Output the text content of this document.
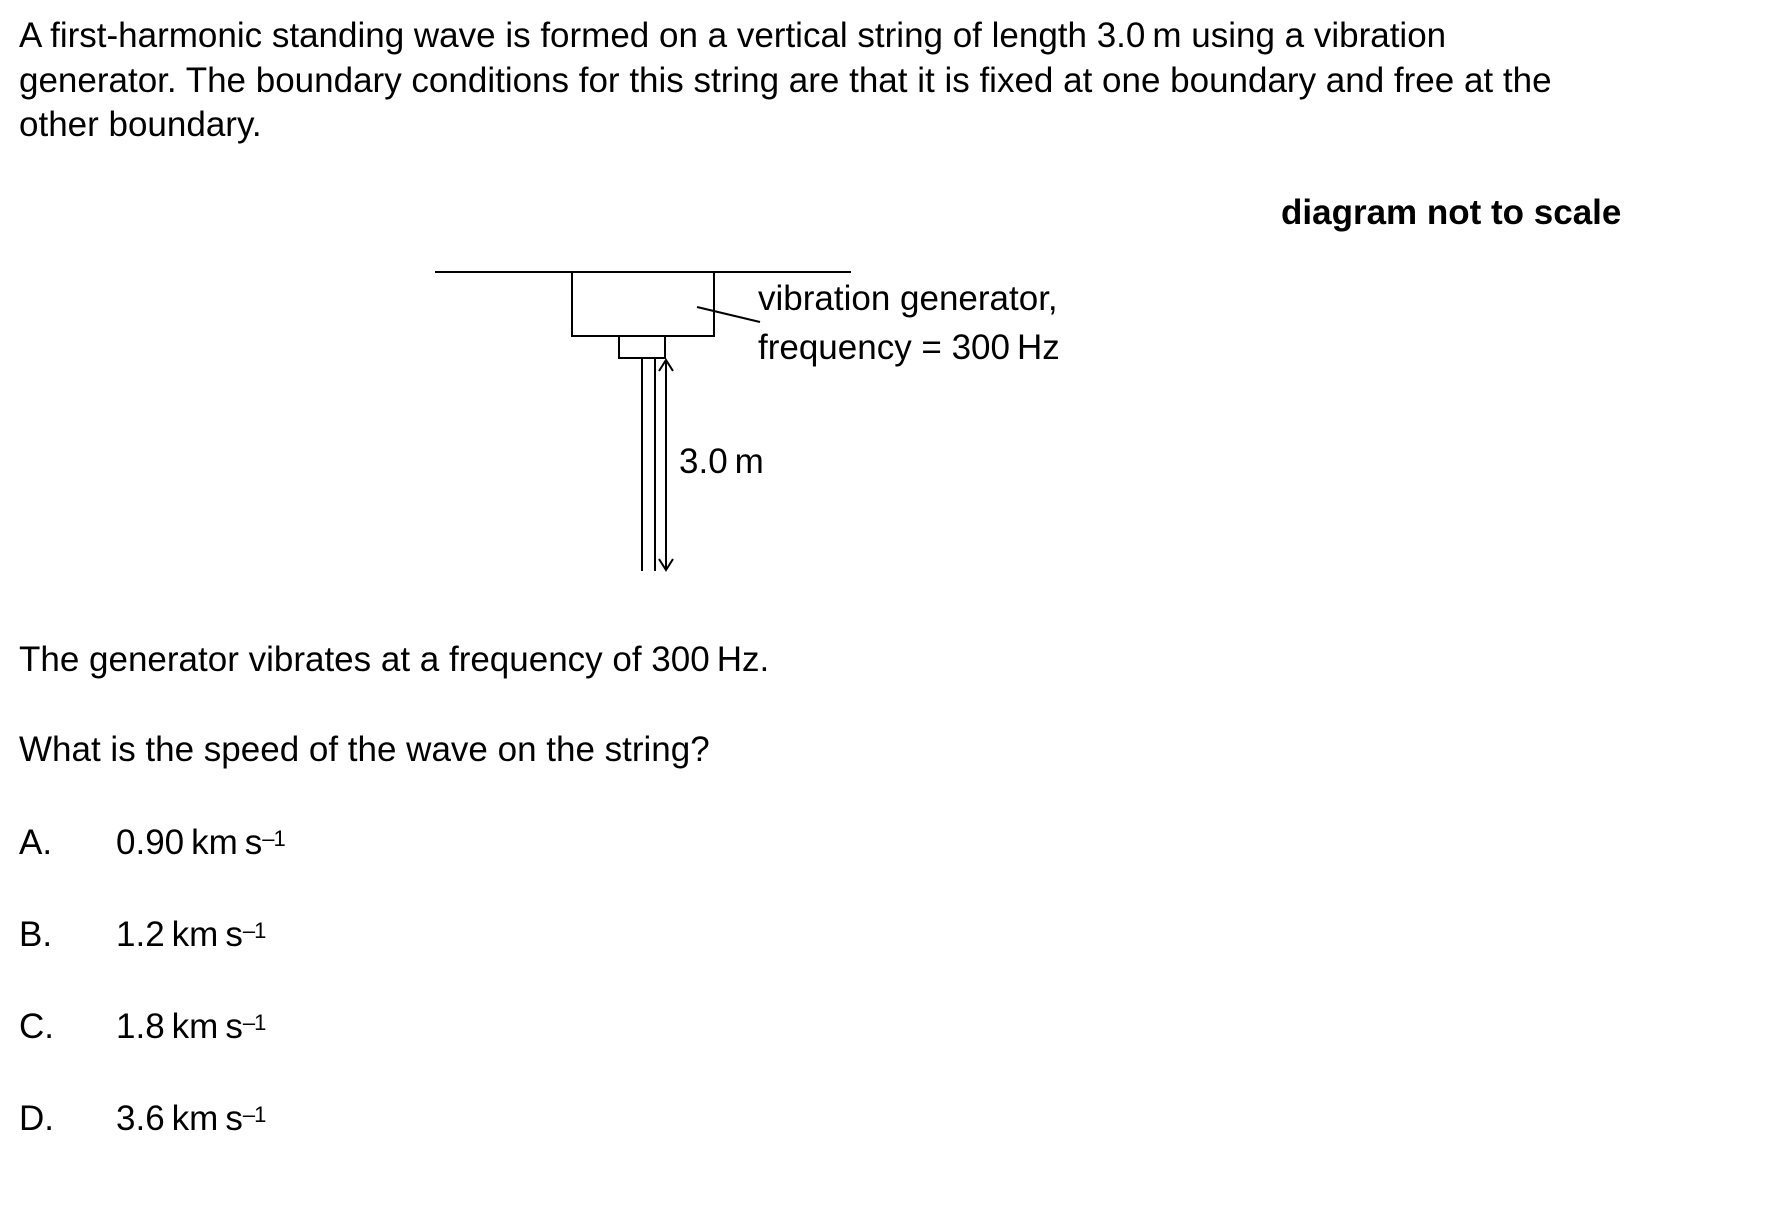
A first-harmonic standing wave is formed on a vertical string of length 3.0 m using a vibration generator. The boundary conditions for this string are that it is fixed at one boundary and free at the other boundary.

diagram not to scale
vibration generator,
frequency = 300 Hz
3.0 m

The generator vibrates at a frequency of 300 Hz.

What is the speed of the wave on the string?

A. 0.90 km $s^{-1}$
B. 1.2 km $s^{-1}$
C. 1.8 km $s^{-1}$
D. 3.6 km $s^{-1}$
